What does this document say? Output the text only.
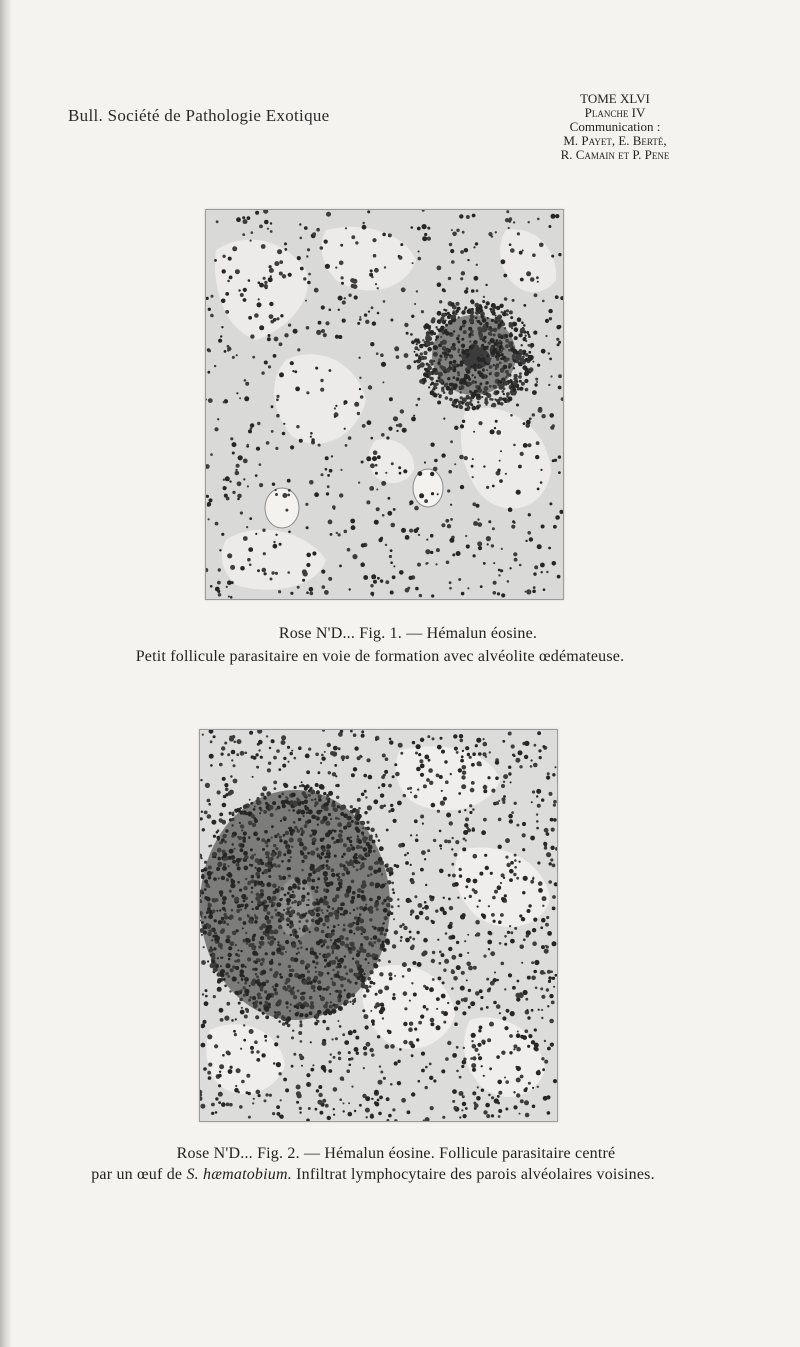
Bull. Société de Pathologie Exotique
TOME XLVI
Planche IV
Communication :
M. Payet, E. Berté,
R. Camain et P. Pene
Rose N'D... Fig. 1. — Hémalun éosine.
Petit follicule parasitaire en voie de formation avec alvéolite œdémateuse.
Rose N'D... Fig. 2. — Hémalun éosine. Follicule parasitaire centré
par un œuf de S. hæmatobium. Infiltrat lymphocytaire des parois alvéolaires voisines.
